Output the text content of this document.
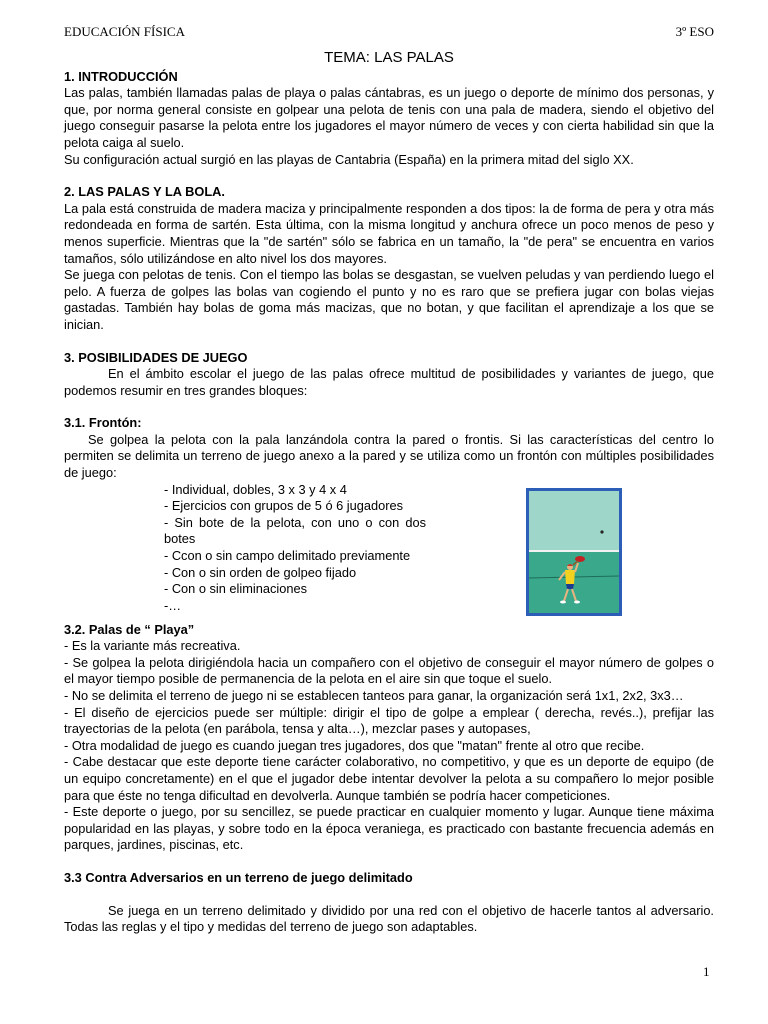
EDUCACIÓN FÍSICA	3º ESO
TEMA: LAS PALAS
1. INTRODUCCIÓN

Las palas, también llamadas palas de playa o palas cántabras, es un juego o deporte de mínimo dos personas, y que, por norma general consiste en golpear una pelota de tenis con una pala de madera, siendo el objetivo del juego conseguir pasarse la pelota entre los jugadores el mayor número de veces y con cierta habilidad sin que la pelota caiga al suelo.

Su configuración actual surgió en las playas de Cantabria (España) en la primera mitad del siglo XX.

2. LAS PALAS Y LA BOLA.

La pala está construida de madera maciza y principalmente responden a dos tipos: la de forma de pera y otra más redondeada en forma de sartén. Esta última, con la misma longitud y anchura ofrece un poco menos de peso y menos superficie. Mientras que la "de sartén" sólo se fabrica en un tamaño, la "de pera" se encuentra en varios tamaños, sólo utilizándose en alto nivel los dos mayores.

Se juega con pelotas de tenis. Con el tiempo las bolas se desgastan, se vuelven peludas y van perdiendo luego el pelo. A fuerza de golpes las bolas van cogiendo el punto y no es raro que se prefiera jugar con bolas viejas gastadas. También hay bolas de goma más macizas, que no botan, y que facilitan el aprendizaje a los que se inician.

3. POSIBILIDADES DE JUEGO

En el ámbito escolar el juego de las palas ofrece multitud de posibilidades y variantes de juego, que podemos resumir en tres grandes bloques:

3.1. Frontón:

Se golpea la pelota con la pala lanzándola contra la pared o frontis. Si las características del centro lo permiten se delimita un terreno de juego anexo a la pared y se utiliza como un frontón con múltiples posibilidades de juego:

- Individual, dobles, 3 x 3 y 4 x 4
- Ejercicios con grupos de 5 ó 6 jugadores
- Sin bote de la pelota, con uno o con dos botes
- Ccon o sin campo delimitado previamente
- Con o sin orden de golpeo fijado
- Con o sin eliminaciones
-…
3.2. Palas de “ Playa”

- Es la variante más recreativa.

- Se golpea la pelota dirigiéndola hacia un compañero con el objetivo de conseguir el mayor número de golpes o el mayor tiempo posible de permanencia de la pelota en el aire sin que toque el suelo.

- No se delimita el terreno de juego ni se establecen tanteos para ganar, la organización será 1x1, 2x2, 3x3…

- El diseño de ejercicios puede ser múltiple: dirigir el tipo de golpe a emplear ( derecha, revés..), prefijar las trayectorias de la pelota (en parábola, tensa y alta…), mezclar pases y autopases,

- Otra modalidad de juego es cuando juegan tres jugadores, dos que "matan" frente al otro que recibe.

- Cabe destacar que este deporte tiene carácter colaborativo, no competitivo, y que es un deporte de equipo (de un equipo concretamente) en el que el jugador debe intentar devolver la pelota a su compañero lo mejor posible para que éste no tenga dificultad en devolverla. Aunque también se podría hacer competiciones.

- Este deporte o juego, por su sencillez, se puede practicar en cualquier momento y lugar. Aunque tiene máxima popularidad en las playas, y sobre todo en la época veraniega, es practicado con bastante frecuencia además en parques, jardines, piscinas, etc.

3.3 Contra Adversarios en un terreno de juego delimitado

Se juega en un terreno delimitado y dividido por una red con el objetivo de hacerle tantos al adversario. Todas las reglas y el tipo y medidas del terreno de juego son adaptables.

1
